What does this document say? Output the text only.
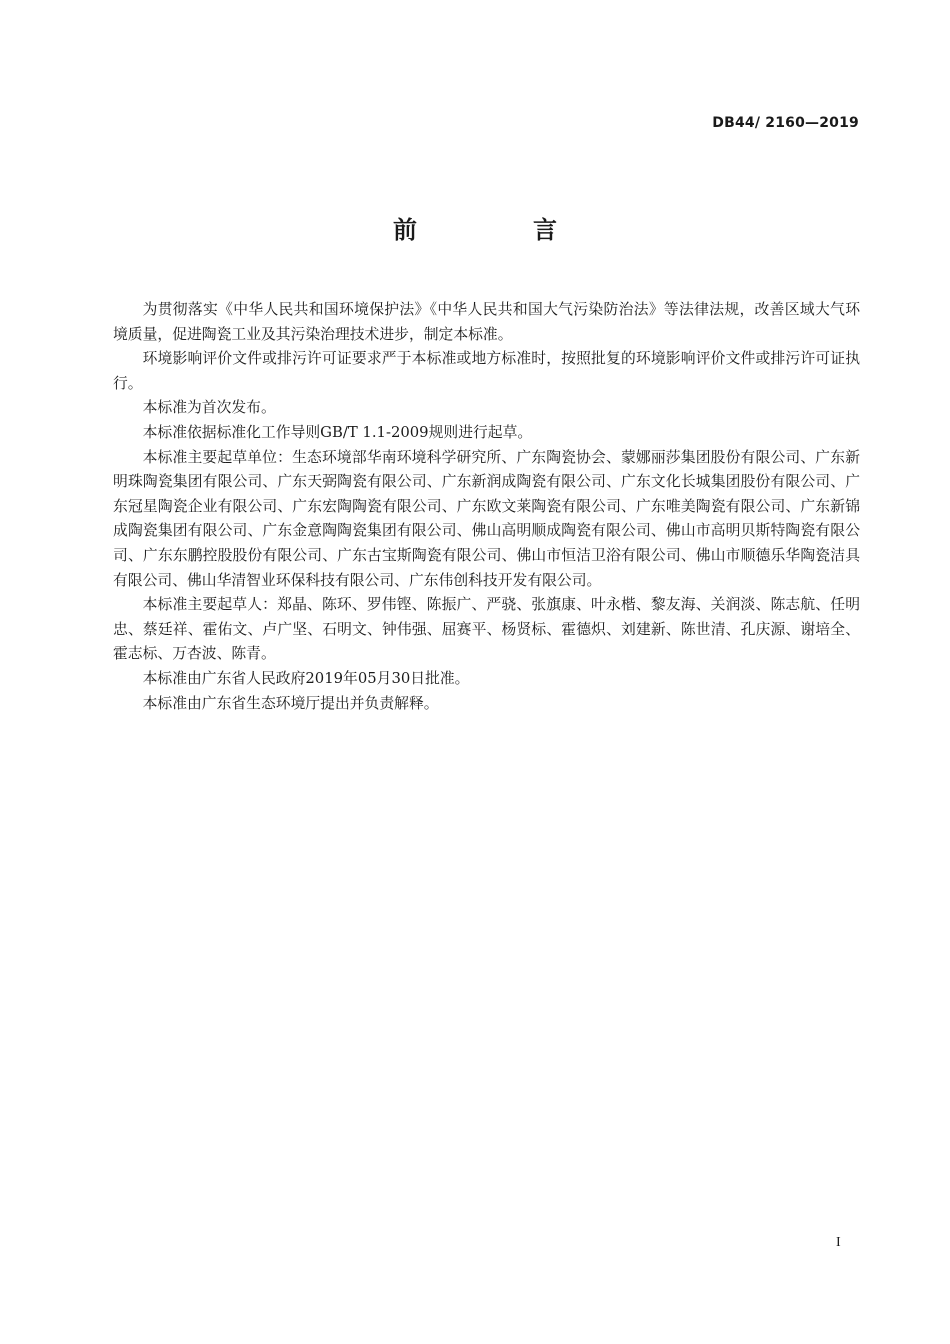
DB44/ 2160—2019
前　言

为贯彻落实《中华人民共和国环境保护法》《中华人民共和国大气污染防治法》等法律法规，改善区域大气环境质量，促进陶瓷工业及其污染治理技术进步，制定本标准。

环境影响评价文件或排污许可证要求严于本标准或地方标准时，按照批复的环境影响评价文件或排污许可证执行。

本标准为首次发布。

本标准依据标准化工作导则GB/T 1.1-2009规则进行起草。

本标准主要起草单位：生态环境部华南环境科学研究所、广东陶瓷协会、蒙娜丽莎集团股份有限公司、广东新明珠陶瓷集团有限公司、广东天弼陶瓷有限公司、广东新润成陶瓷有限公司、广东文化长城集团股份有限公司、广东冠星陶瓷企业有限公司、广东宏陶陶瓷有限公司、广东欧文莱陶瓷有限公司、广东唯美陶瓷有限公司、广东新锦成陶瓷集团有限公司、广东金意陶陶瓷集团有限公司、佛山高明顺成陶瓷有限公司、佛山市高明贝斯特陶瓷有限公司、广东东鹏控股股份有限公司、广东古宝斯陶瓷有限公司、佛山市恒洁卫浴有限公司、佛山市顺德乐华陶瓷洁具有限公司、佛山华清智业环保科技有限公司、广东伟创科技开发有限公司。

本标准主要起草人：郑晶、陈环、罗伟铿、陈振广、严骁、张旗康、叶永楷、黎友海、关润淡、陈志航、任明忠、蔡廷祥、霍佑文、卢广坚、石明文、钟伟强、屈赛平、杨贤标、霍德炽、刘建新、陈世清、孔庆源、谢培全、霍志标、万杏波、陈青。

本标准由广东省人民政府2019年05月30日批准。

本标准由广东省生态环境厅提出并负责解释。

I
